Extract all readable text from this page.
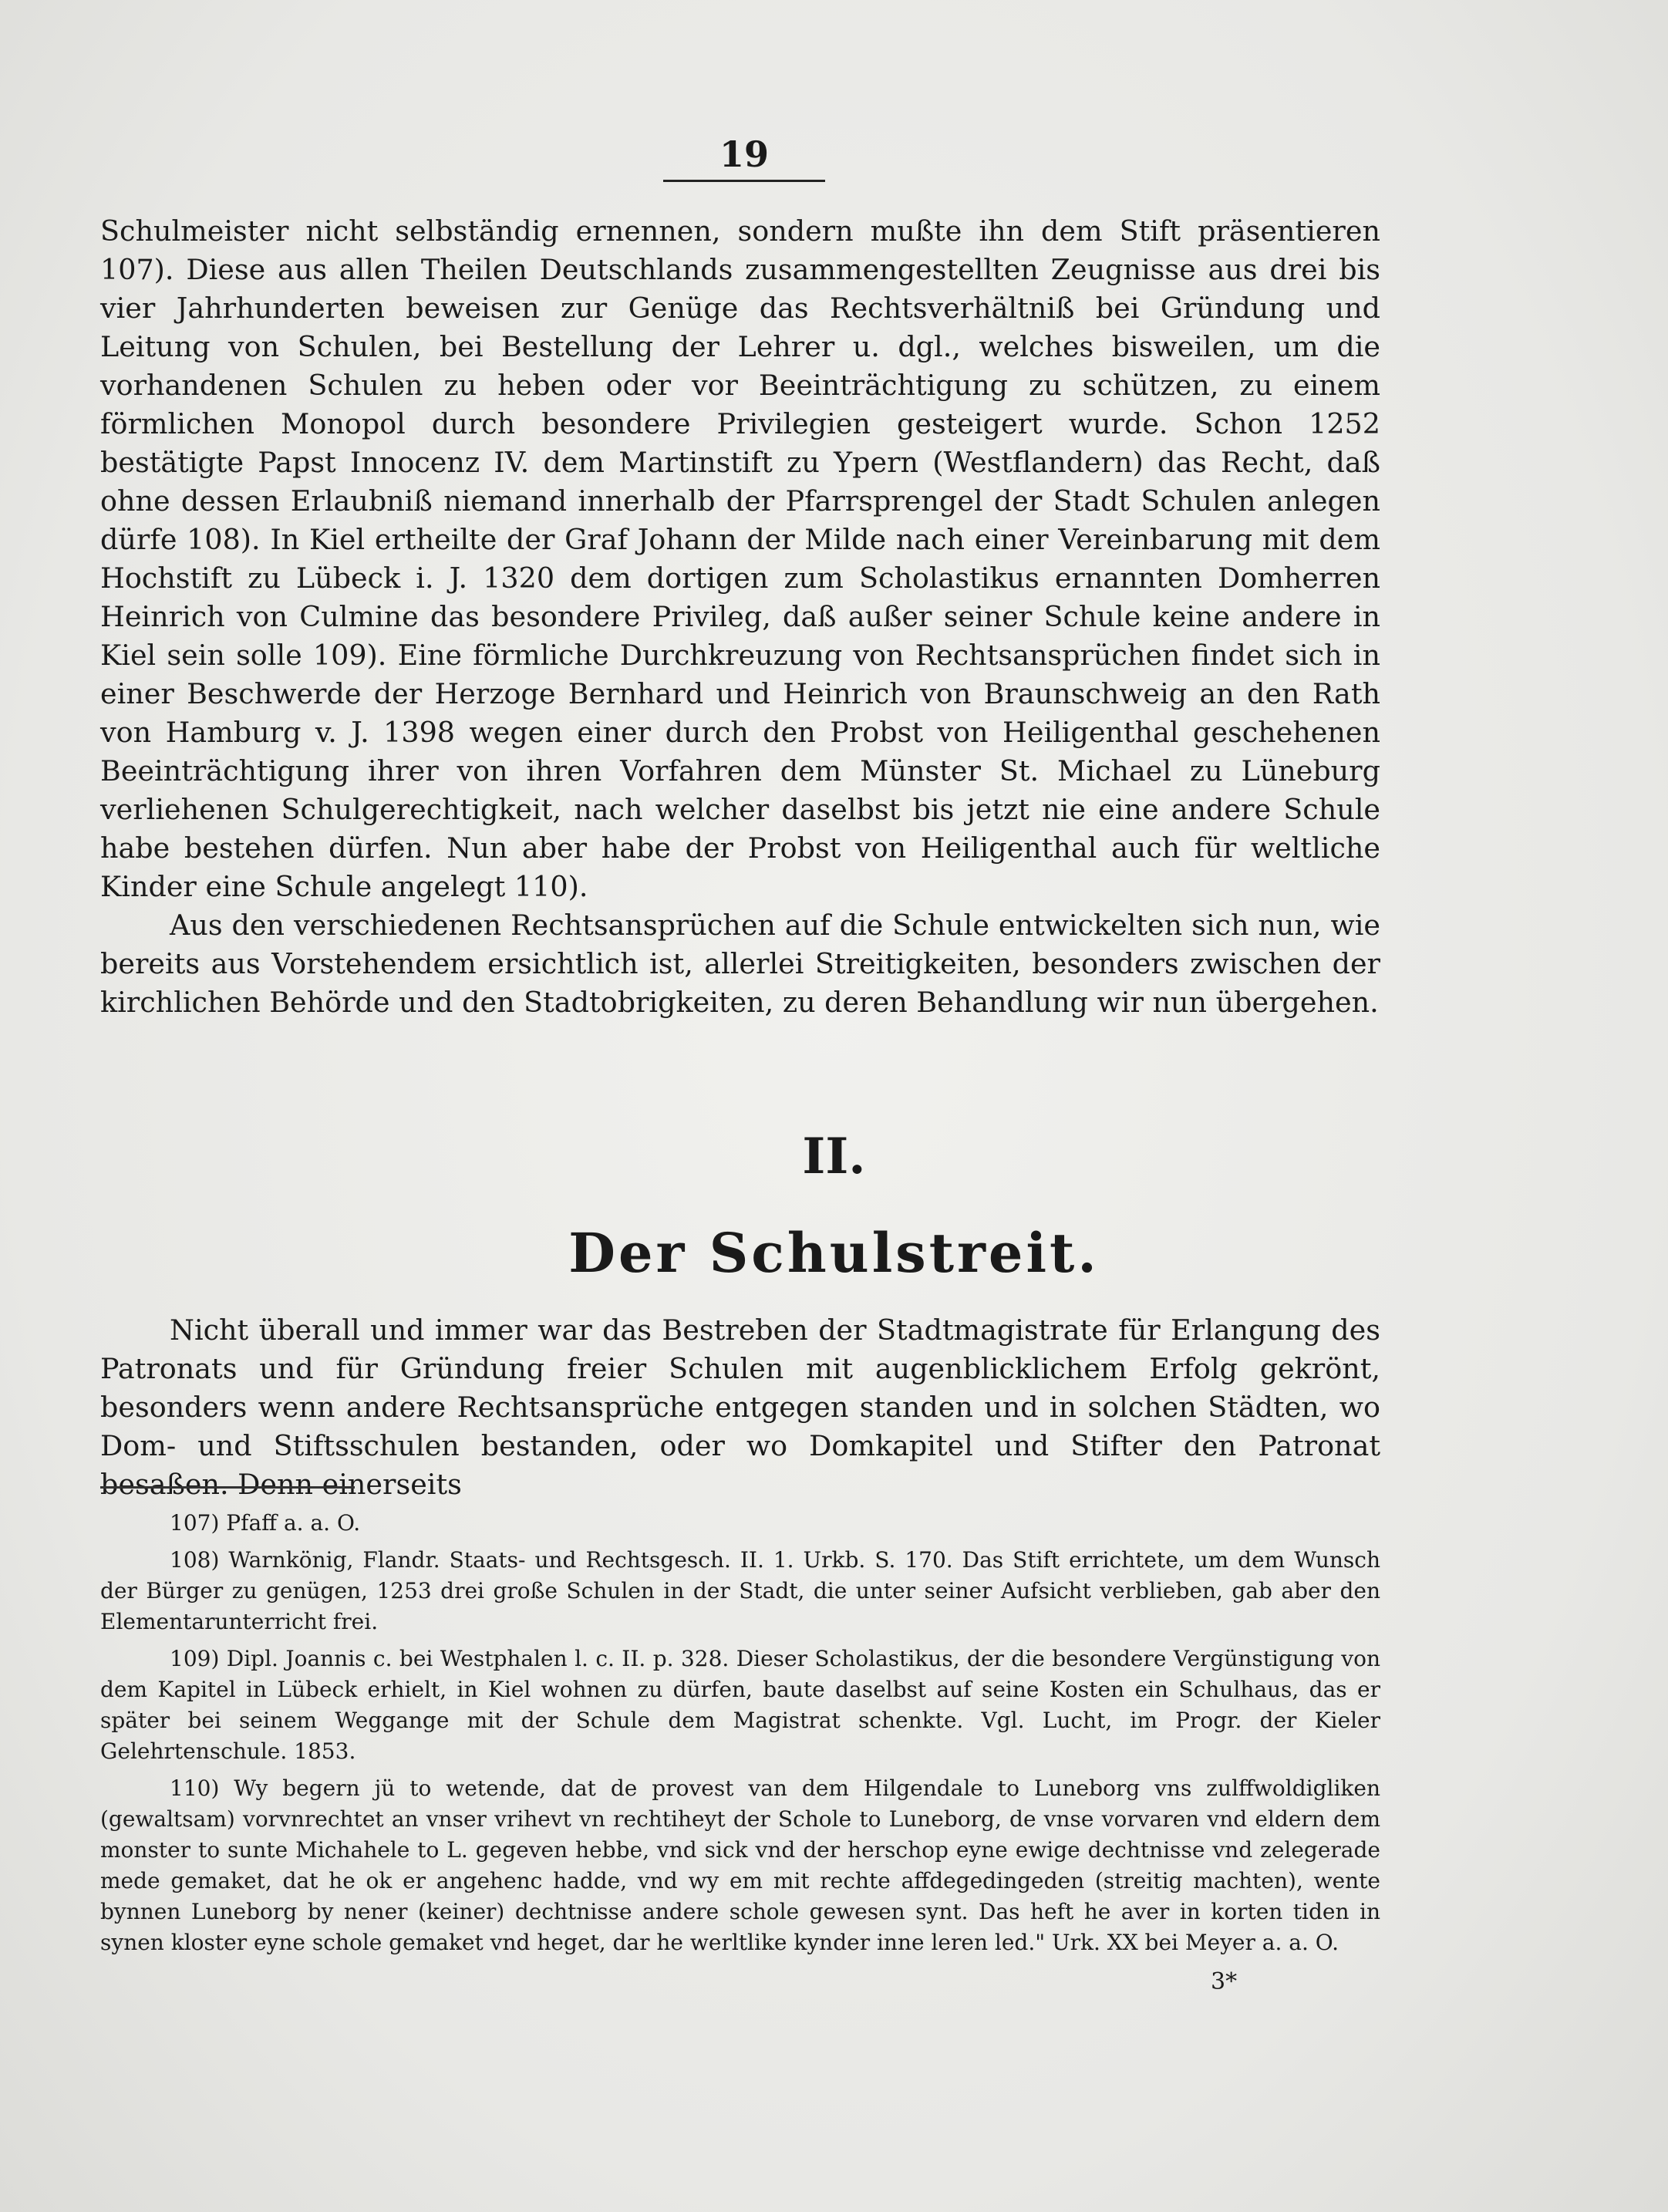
19

Schulmeister nicht selbständig ernennen, sondern mußte ihn dem Stift präsentieren 107). Diese aus allen Theilen Deutschlands zusammengestellten Zeugnisse aus drei bis vier Jahrhunderten beweisen zur Genüge das Rechtsverhältniß bei Gründung und Leitung von Schulen, bei Bestellung der Lehrer u. dgl., welches bisweilen, um die vorhandenen Schulen zu heben oder vor Beeinträchtigung zu schützen, zu einem förmlichen Monopol durch besondere Privilegien gesteigert wurde. Schon 1252 bestätigte Papst Innocenz IV. dem Martinstift zu Ypern (Westflandern) das Recht, daß ohne dessen Erlaubniß niemand innerhalb der Pfarrsprengel der Stadt Schulen anlegen dürfe 108). In Kiel ertheilte der Graf Johann der Milde nach einer Vereinbarung mit dem Hochstift zu Lübeck i. J. 1320 dem dortigen zum Scholastikus ernannten Domherren Heinrich von Culmine das besondere Privileg, daß außer seiner Schule keine andere in Kiel sein solle 109). Eine förmliche Durchkreuzung von Rechtsansprüchen findet sich in einer Beschwerde der Herzoge Bernhard und Heinrich von Braunschweig an den Rath von Hamburg v. J. 1398 wegen einer durch den Probst von Heiligenthal geschehenen Beeinträchtigung ihrer von ihren Vorfahren dem Münster St. Michael zu Lüneburg verliehenen Schulgerechtigkeit, nach welcher daselbst bis jetzt nie eine andere Schule habe bestehen dürfen. Nun aber habe der Probst von Heiligenthal auch für weltliche Kinder eine Schule angelegt 110).

Aus den verschiedenen Rechtsansprüchen auf die Schule entwickelten sich nun, wie bereits aus Vorstehendem ersichtlich ist, allerlei Streitigkeiten, besonders zwischen der kirchlichen Behörde und den Stadtobrigkeiten, zu deren Behandlung wir nun übergehen.

II.
Der Schulstreit.

Nicht überall und immer war das Bestreben der Stadtmagistrate für Erlangung des Patronats und für Gründung freier Schulen mit augenblicklichem Erfolg gekrönt, besonders wenn andere Rechtsansprüche entgegen standen und in solchen Städten, wo Dom- und Stiftsschulen bestanden, oder wo Domkapitel und Stifter den Patronat besaßen. Denn einerseits

107) Pfaff a. a. O.

108) Warnkönig, Flandr. Staats- und Rechtsgesch. II. 1. Urkb. S. 170. Das Stift errichtete, um dem Wunsch der Bürger zu genügen, 1253 drei große Schulen in der Stadt, die unter seiner Aufsicht verblieben, gab aber den Elementarunterricht frei.

109) Dipl. Joannis c. bei Westphalen l. c. II. p. 328. Dieser Scholastikus, der die besondere Vergünstigung von dem Kapitel in Lübeck erhielt, in Kiel wohnen zu dürfen, baute daselbst auf seine Kosten ein Schulhaus, das er später bei seinem Weggange mit der Schule dem Magistrat schenkte. Vgl. Lucht, im Progr. der Kieler Gelehrtenschule. 1853.

110) Wy begern jü to wetende, dat de provest van dem Hilgendale to Luneborg vns zulffwoldigliken (gewaltsam) vorvnrechtet an vnser vrihevt vn rechtiheyt der Schole to Luneborg, de vnse vorvaren vnd eldern dem monster to sunte Michahele to L. gegeven hebbe, vnd sick vnd der herschop eyne ewige dechtnisse vnd zelegerade mede gemaket, dat he ok er angehenc hadde, vnd wy em mit rechte affdegedingeden (streitig machten), wente bynnen Luneborg by nener (keiner) dechtnisse andere schole gewesen synt. Das heft he aver in korten tiden in synen kloster eyne schole gemaket vnd heget, dar he werltlike kynder inne leren led." Urk. XX bei Meyer a. a. O.

3*
